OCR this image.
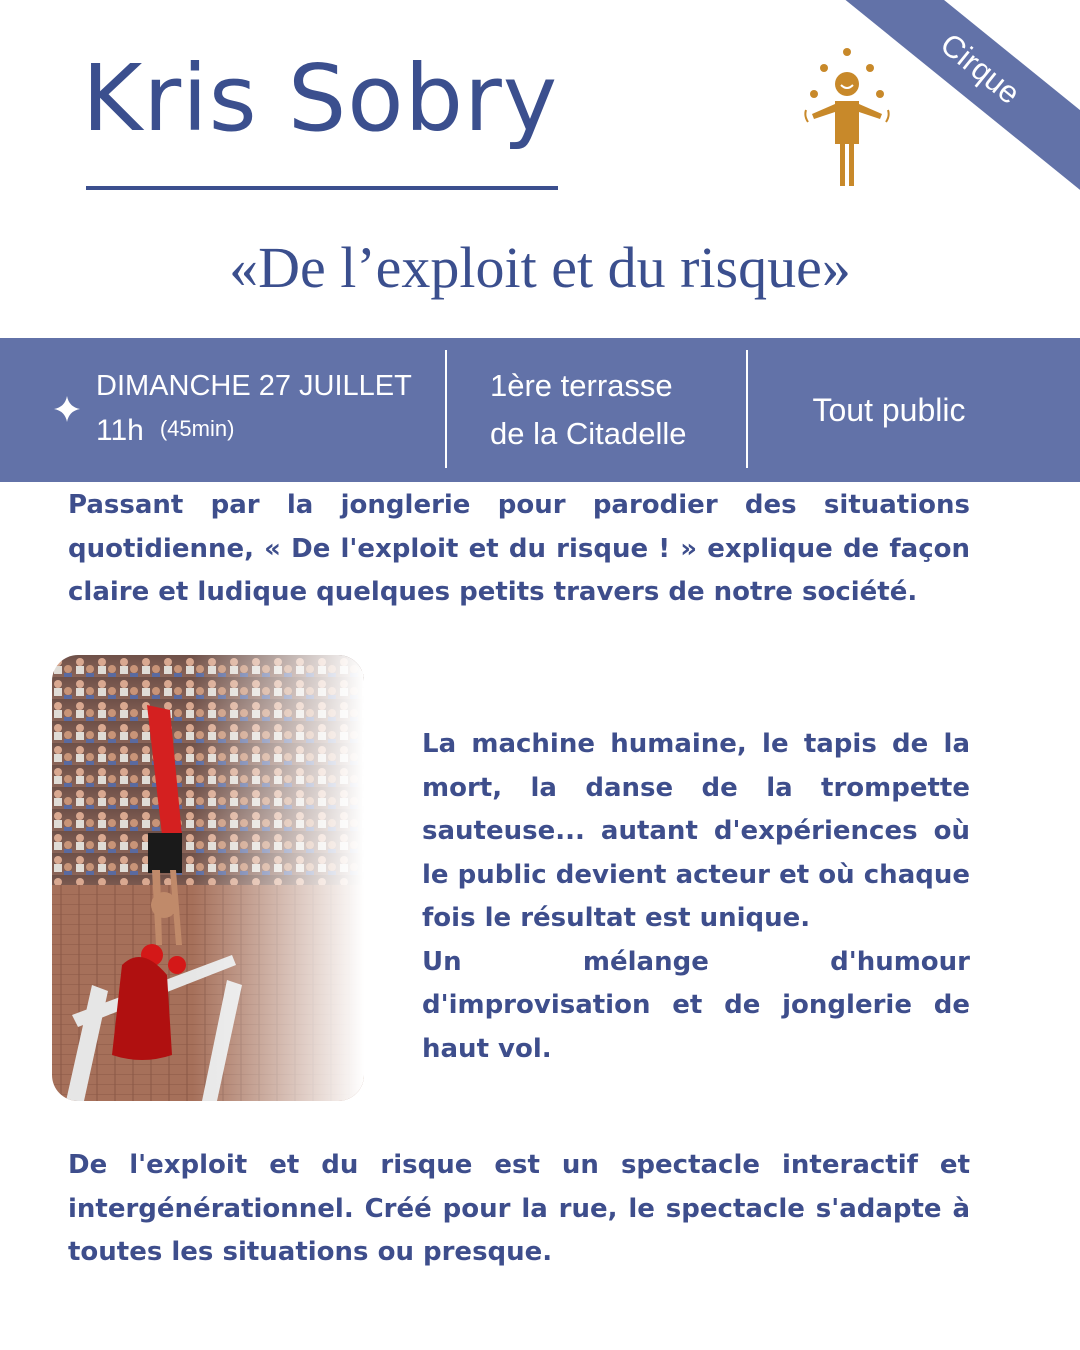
Kris Sobry	Cirque
«De l’exploit et du risque»
DIMANCHE 27 JUILLET
11h (45min)
1ère terrasse
de la Citadelle
Tout public

Passant par la jonglerie pour parodier des situations quotidienne, « De l'exploit et du risque ! » explique de façon claire et ludique quelques petits travers de notre société.

La machine humaine, le tapis de la mort, la danse de la trompette sauteuse... autant d'expériences où le public devient acteur et où chaque fois le résultat est unique.
Un mélange d'humour d'improvisation et de jonglerie de haut vol.

De l'exploit et du risque est un spectacle interactif et intergénérationnel. Créé pour la rue, le spectacle s'adapte à toutes les situations ou presque.
